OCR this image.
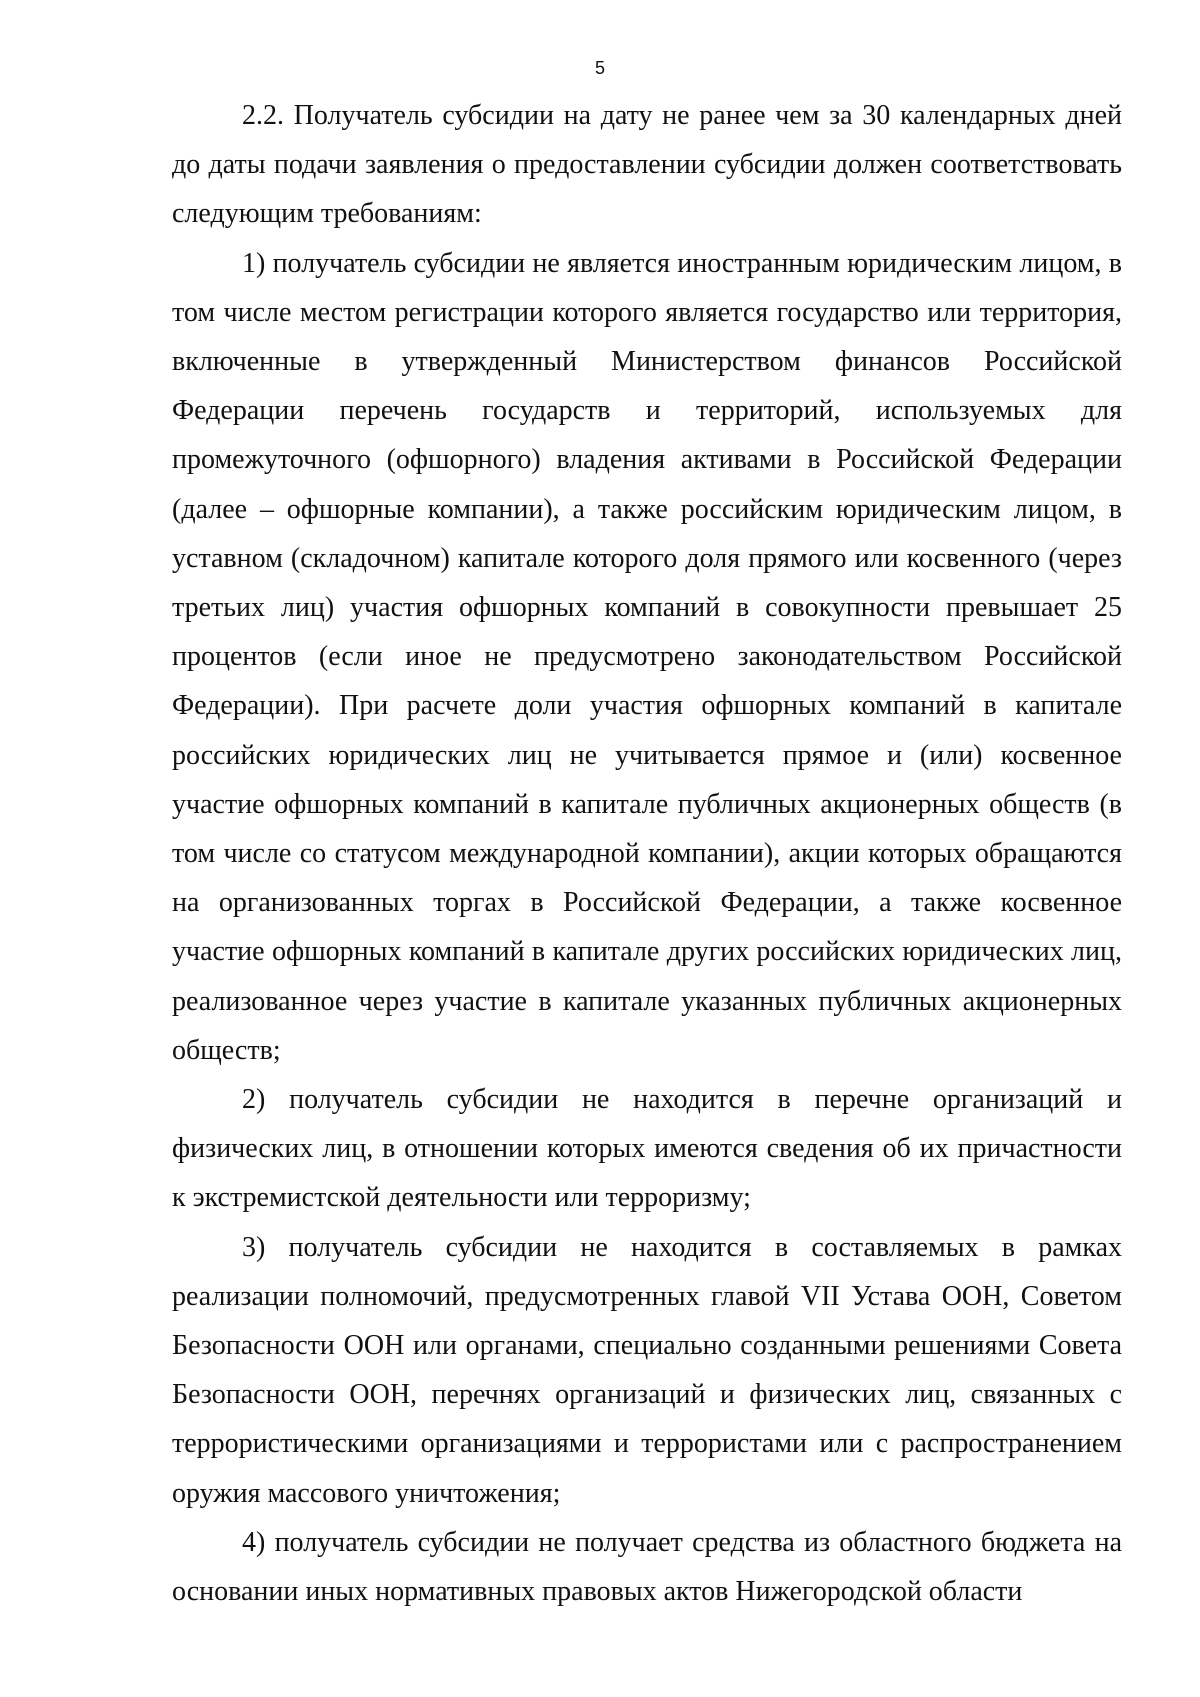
5

2.2. Получатель субсидии на дату не ранее чем за 30 календарных дней до даты подачи заявления о предоставлении субсидии должен соответствовать следующим требованиям:

1) получатель субсидии не является иностранным юридическим лицом, в том числе местом регистрации которого является государство или территория, включенные в утвержденный Министерством финансов Российской Федерации перечень государств и территорий, используемых для промежуточного (офшорного) владения активами в Российской Федерации (далее – офшорные компании), а также российским юридическим лицом, в уставном (складочном) капитале которого доля прямого или косвенного (через третьих лиц) участия офшорных компаний в совокупности превышает 25 процентов (если иное не предусмотрено законодательством Российской Федерации). При расчете доли участия офшорных компаний в капитале российских юридических лиц не учитывается прямое и (или) косвенное участие офшорных компаний в капитале публичных акционерных обществ (в том числе со статусом международной компании), акции которых обращаются на организованных торгах в Российской Федерации, а также косвенное участие офшорных компаний в капитале других российских юридических лиц, реализованное через участие в капитале указанных публичных акционерных обществ;

2) получатель субсидии не находится в перечне организаций и физических лиц, в отношении которых имеются сведения об их причастности к экстремистской деятельности или терроризму;

3) получатель субсидии не находится в составляемых в рамках реализации полномочий, предусмотренных главой VII Устава ООН, Советом Безопасности ООН или органами, специально созданными решениями Совета Безопасности ООН, перечнях организаций и физических лиц, связанных с террористическими организациями и террористами или с распространением оружия массового уничтожения;

4) получатель субсидии не получает средства из областного бюджета на основании иных нормативных правовых актов Нижегородской области
